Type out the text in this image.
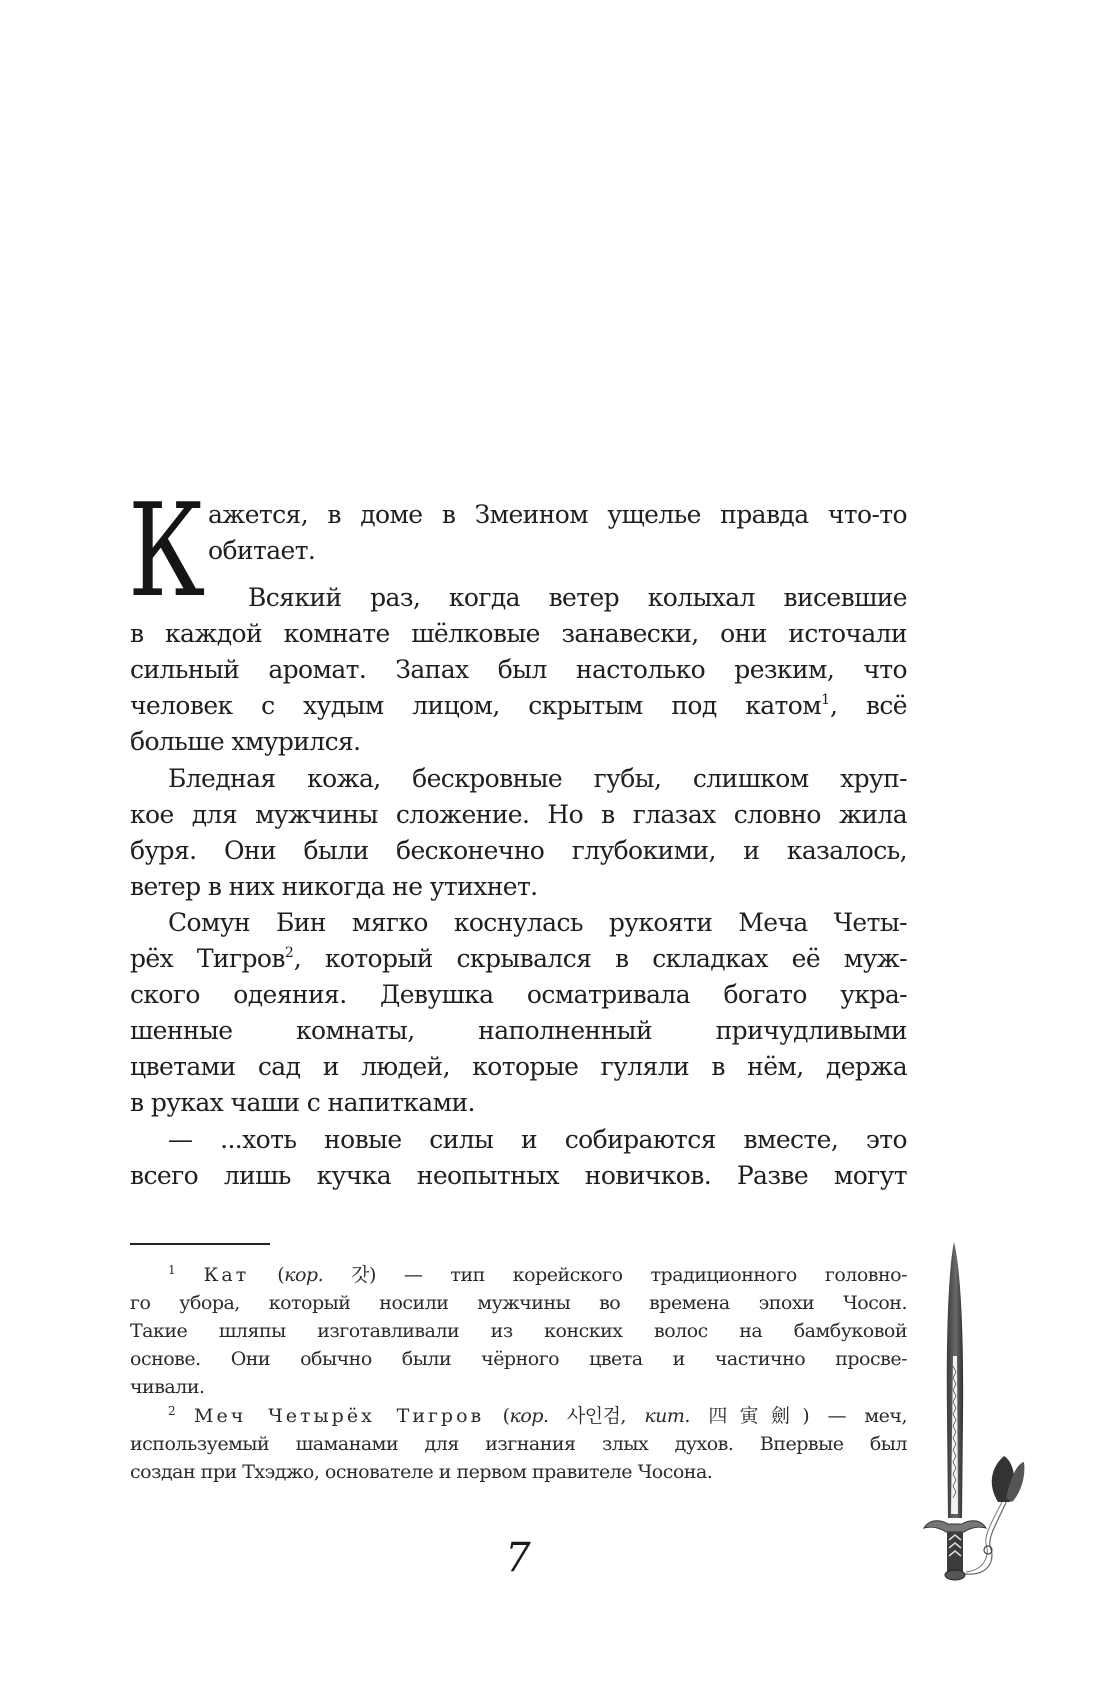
К ажется, в доме в Змеином ущелье правда что-то
обитает.
Всякий раз, когда ветер колыхал висевшие
в каждой комнате шёлковые занавески, они источали
сильный аромат. Запах был настолько резким, что
человек с худым лицом, скрытым под катом$^1$, всё
больше хмурился.
Бледная кожа, бескровные губы, слишком хруп-
кое для мужчины сложение. Но в глазах словно жила
буря. Они были бесконечно глубокими, и казалось,
ветер в них никогда не утихнет.
Сомун Бин мягко коснулась рукояти Меча Четы-
рёх Тигров$^2$, который скрывался в складках её муж-
ского одеяния. Девушка осматривала богато укра-
шенные комнаты, наполненный причудливыми
цветами сад и людей, которые гуляли в нём, держа
в руках чаши с напитками.
— ...хоть новые силы и собираются вместе, это
всего лишь кучка неопытных новичков. Разве могут
$^1$ Кат (кор. 갓) — тип корейского традиционного головно-
го убора, который носили мужчины во времена эпохи Чосон.
Такие шляпы изготавливали из конских волос на бамбуковой
основе. Они обычно были чёрного цвета и частично просве-
чивали.
$^2$ Меч Четырёх Тигров (кор. 사인검, кит. 四寅劍) — меч,
используемый шаманами для изгнания злых духов. Впервые был
создан при Тхэджо, основателе и первом правителе Чосона.
7
